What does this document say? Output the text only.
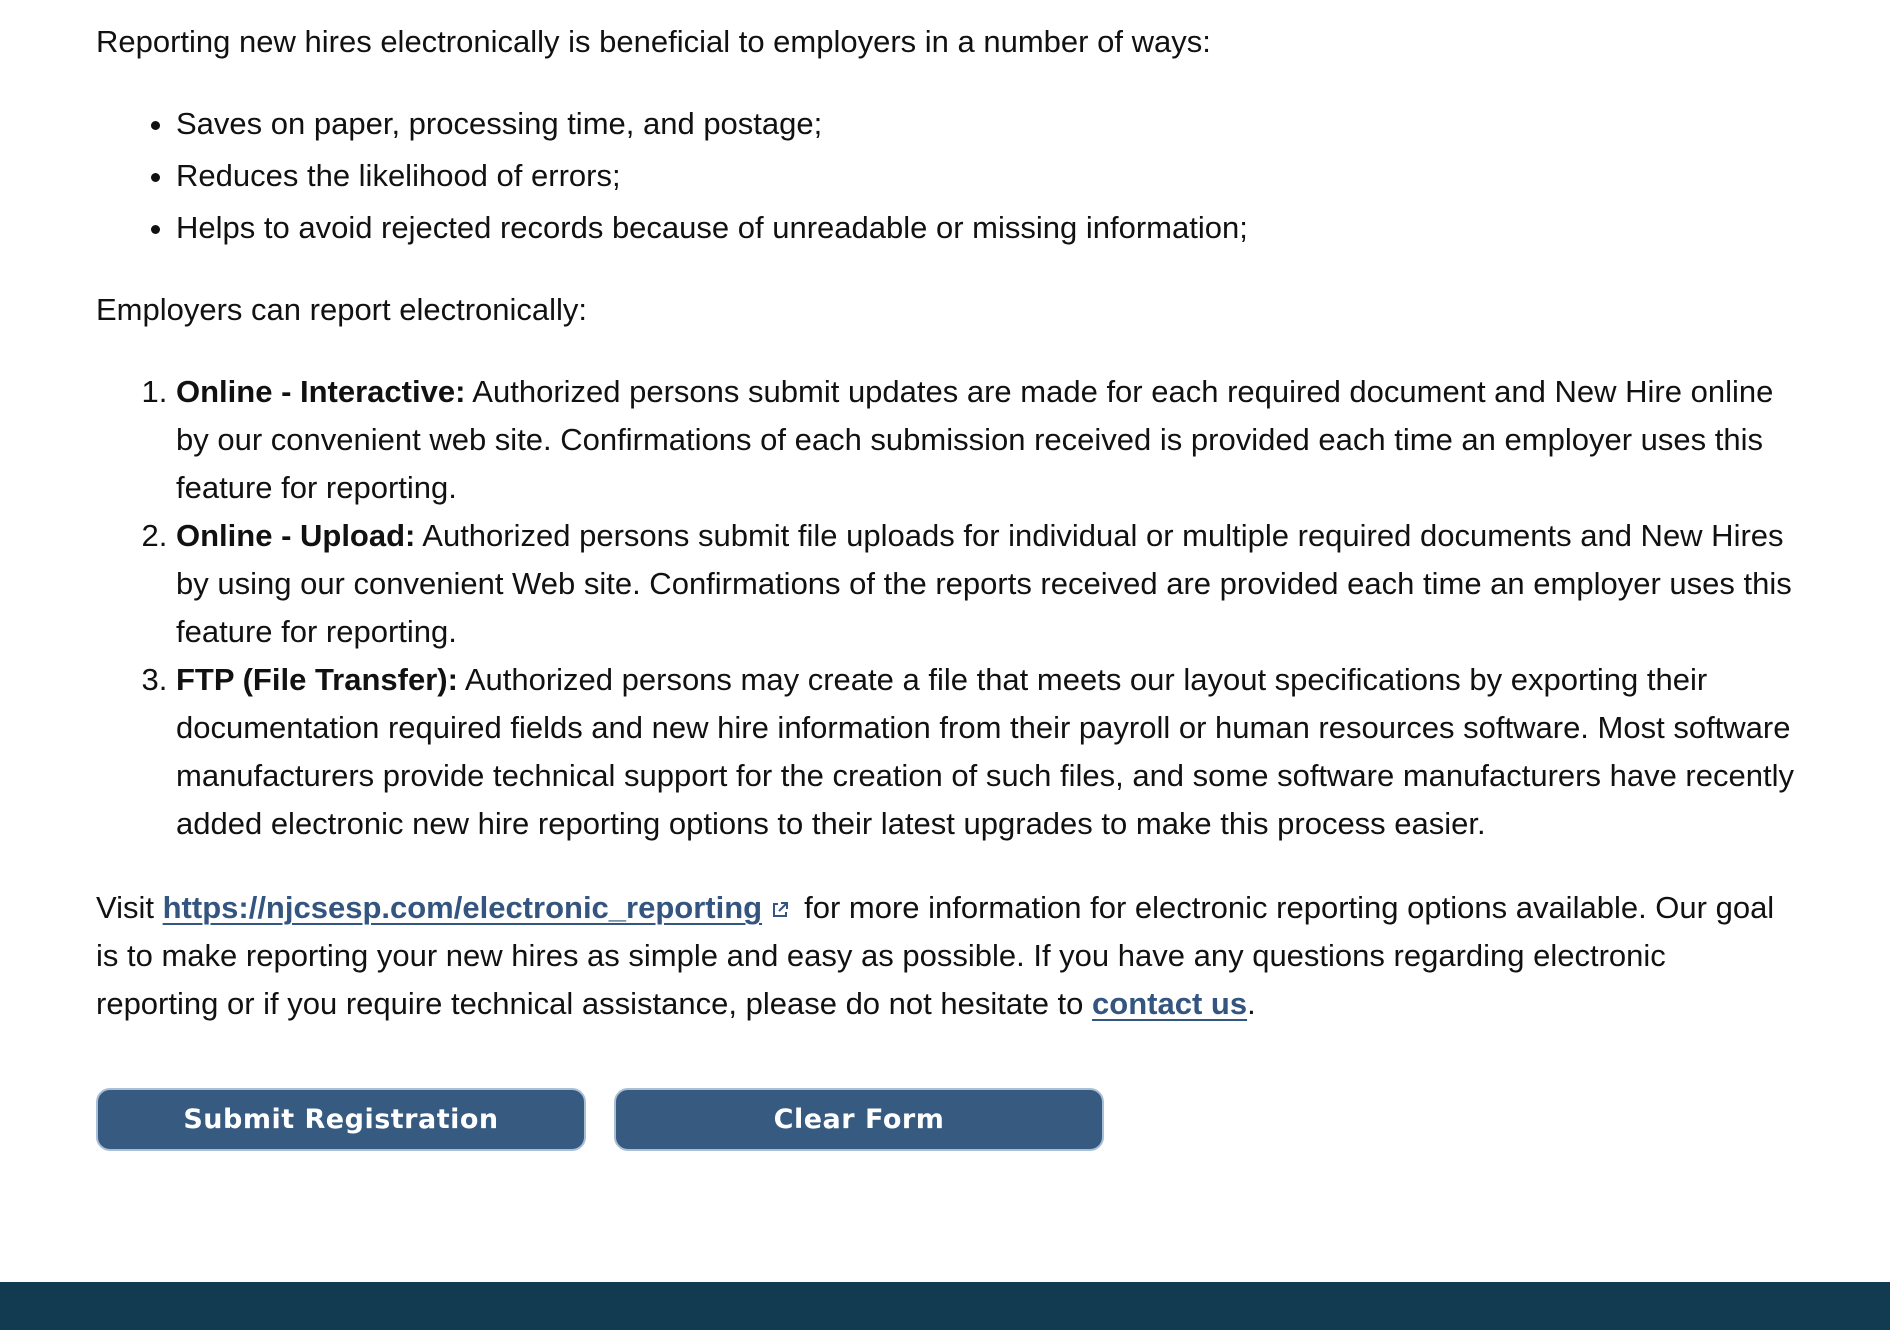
Reporting new hires electronically is beneficial to employers in a number of ways:

• Saves on paper, processing time, and postage;
• Reduces the likelihood of errors;
• Helps to avoid rejected records because of unreadable or missing information;

Employers can report electronically:

1. Online - Interactive: Authorized persons submit updates are made for each required document and New Hire online by our convenient web site. Confirmations of each submission received is provided each time an employer uses this feature for reporting.
2. Online - Upload: Authorized persons submit file uploads for individual or multiple required documents and New Hires by using our convenient Web site. Confirmations of the reports received are provided each time an employer uses this feature for reporting.
3. FTP (File Transfer): Authorized persons may create a file that meets our layout specifications by exporting their documentation required fields and new hire information from their payroll or human resources software. Most software manufacturers provide technical support for the creation of such files, and some software manufacturers have recently added electronic new hire reporting options to their latest upgrades to make this process easier.

Visit https://njcsesp.com/electronic_reporting for more information for electronic reporting options available. Our goal is to make reporting your new hires as simple and easy as possible. If you have any questions regarding electronic reporting or if you require technical assistance, please do not hesitate to contact us.

Submit Registration	Clear Form
